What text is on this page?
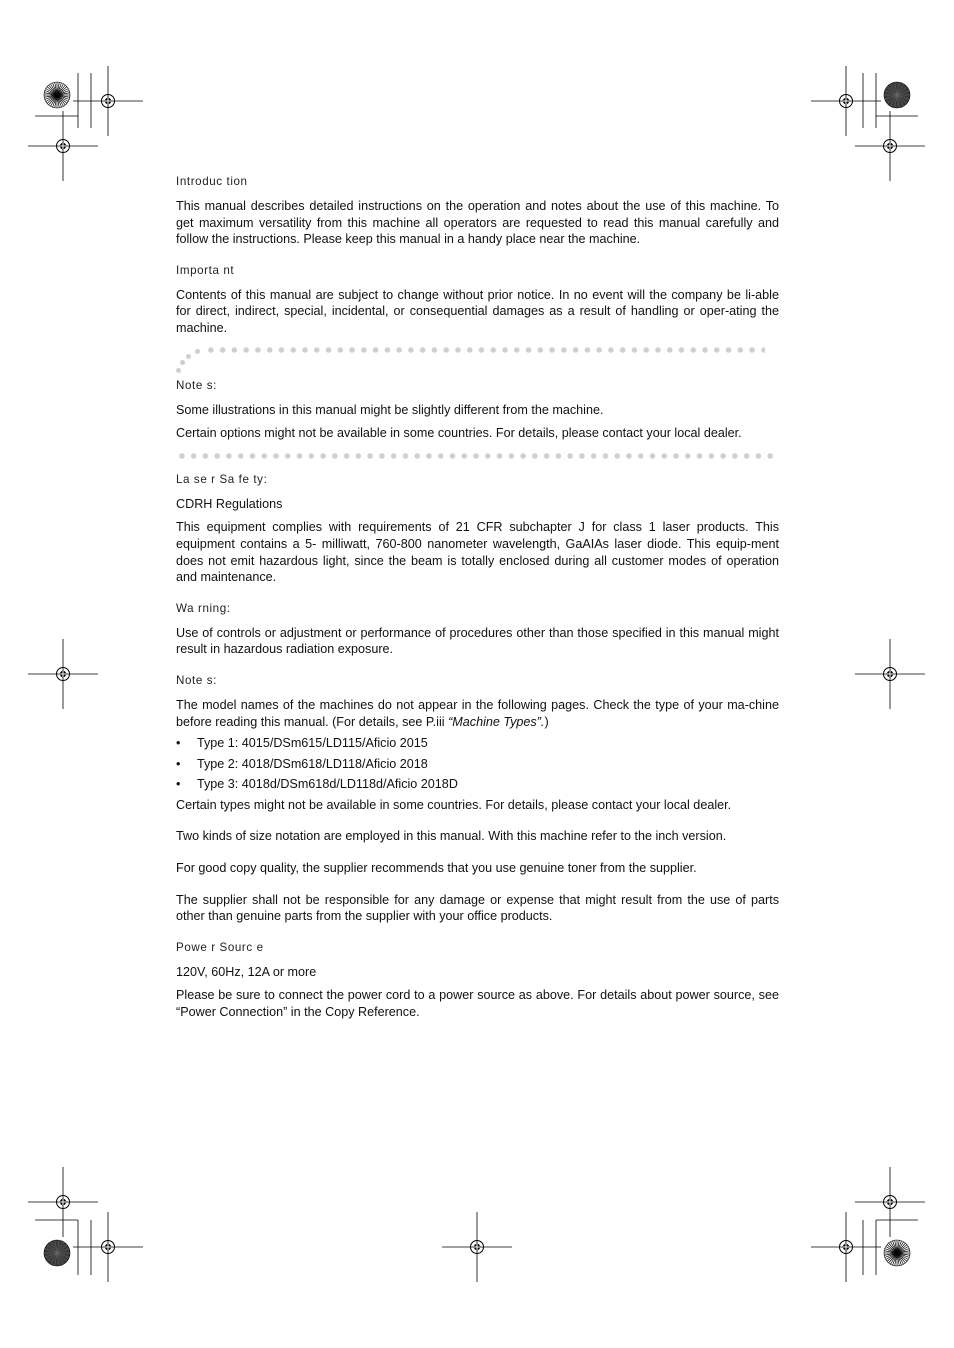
Introduc tion

This manual describes detailed instructions on the operation and notes about the use of this machine. To get maximum versatility from this machine all operators are requested to read this manual carefully and follow the instructions. Please keep this manual in a handy place near the machine.

Importa nt

Contents of this manual are subject to change without prior notice. In no event will the company be li-able for direct, indirect, special, incidental, or consequential damages as a result of handling or oper-ating the machine.

Note s:

Some illustrations in this manual might be slightly different from the machine.

Certain options might not be available in some countries. For details, please contact your local dealer.

La se r Sa fe ty:

CDRH Regulations

This equipment complies with requirements of 21 CFR subchapter J for class 1 laser products. This equipment contains a 5- milliwatt, 760-800 nanometer wavelength, GaAIAs laser diode. This equip-ment does not emit hazardous light, since the beam is totally enclosed during all customer modes of operation and maintenance.

Wa rning:

Use of controls or adjustment or performance of procedures other than those specified in this manual might result in hazardous radiation exposure.

Note s:

The model names of the machines do not appear in the following pages. Check the type of your ma-chine before reading this manual. (For details, see P.iii “Machine Types”.)

• Type 1: 4015/DSm615/LD115/Aficio 2015
• Type 2: 4018/DSm618/LD118/Aficio 2018
• Type 3: 4018d/DSm618d/LD118d/Aficio 2018D

Certain types might not be available in some countries. For details, please contact your local dealer.

Two kinds of size notation are employed in this manual. With this machine refer to the inch version.

For good copy quality, the supplier recommends that you use genuine toner from the supplier.

The supplier shall not be responsible for any damage or expense that might result from the use of parts other than genuine parts from the supplier with your office products.

Powe r Sourc e

120V, 60Hz, 12A or more

Please be sure to connect the power cord to a power source as above. For details about power source, see “Power Connection” in the Copy Reference.
